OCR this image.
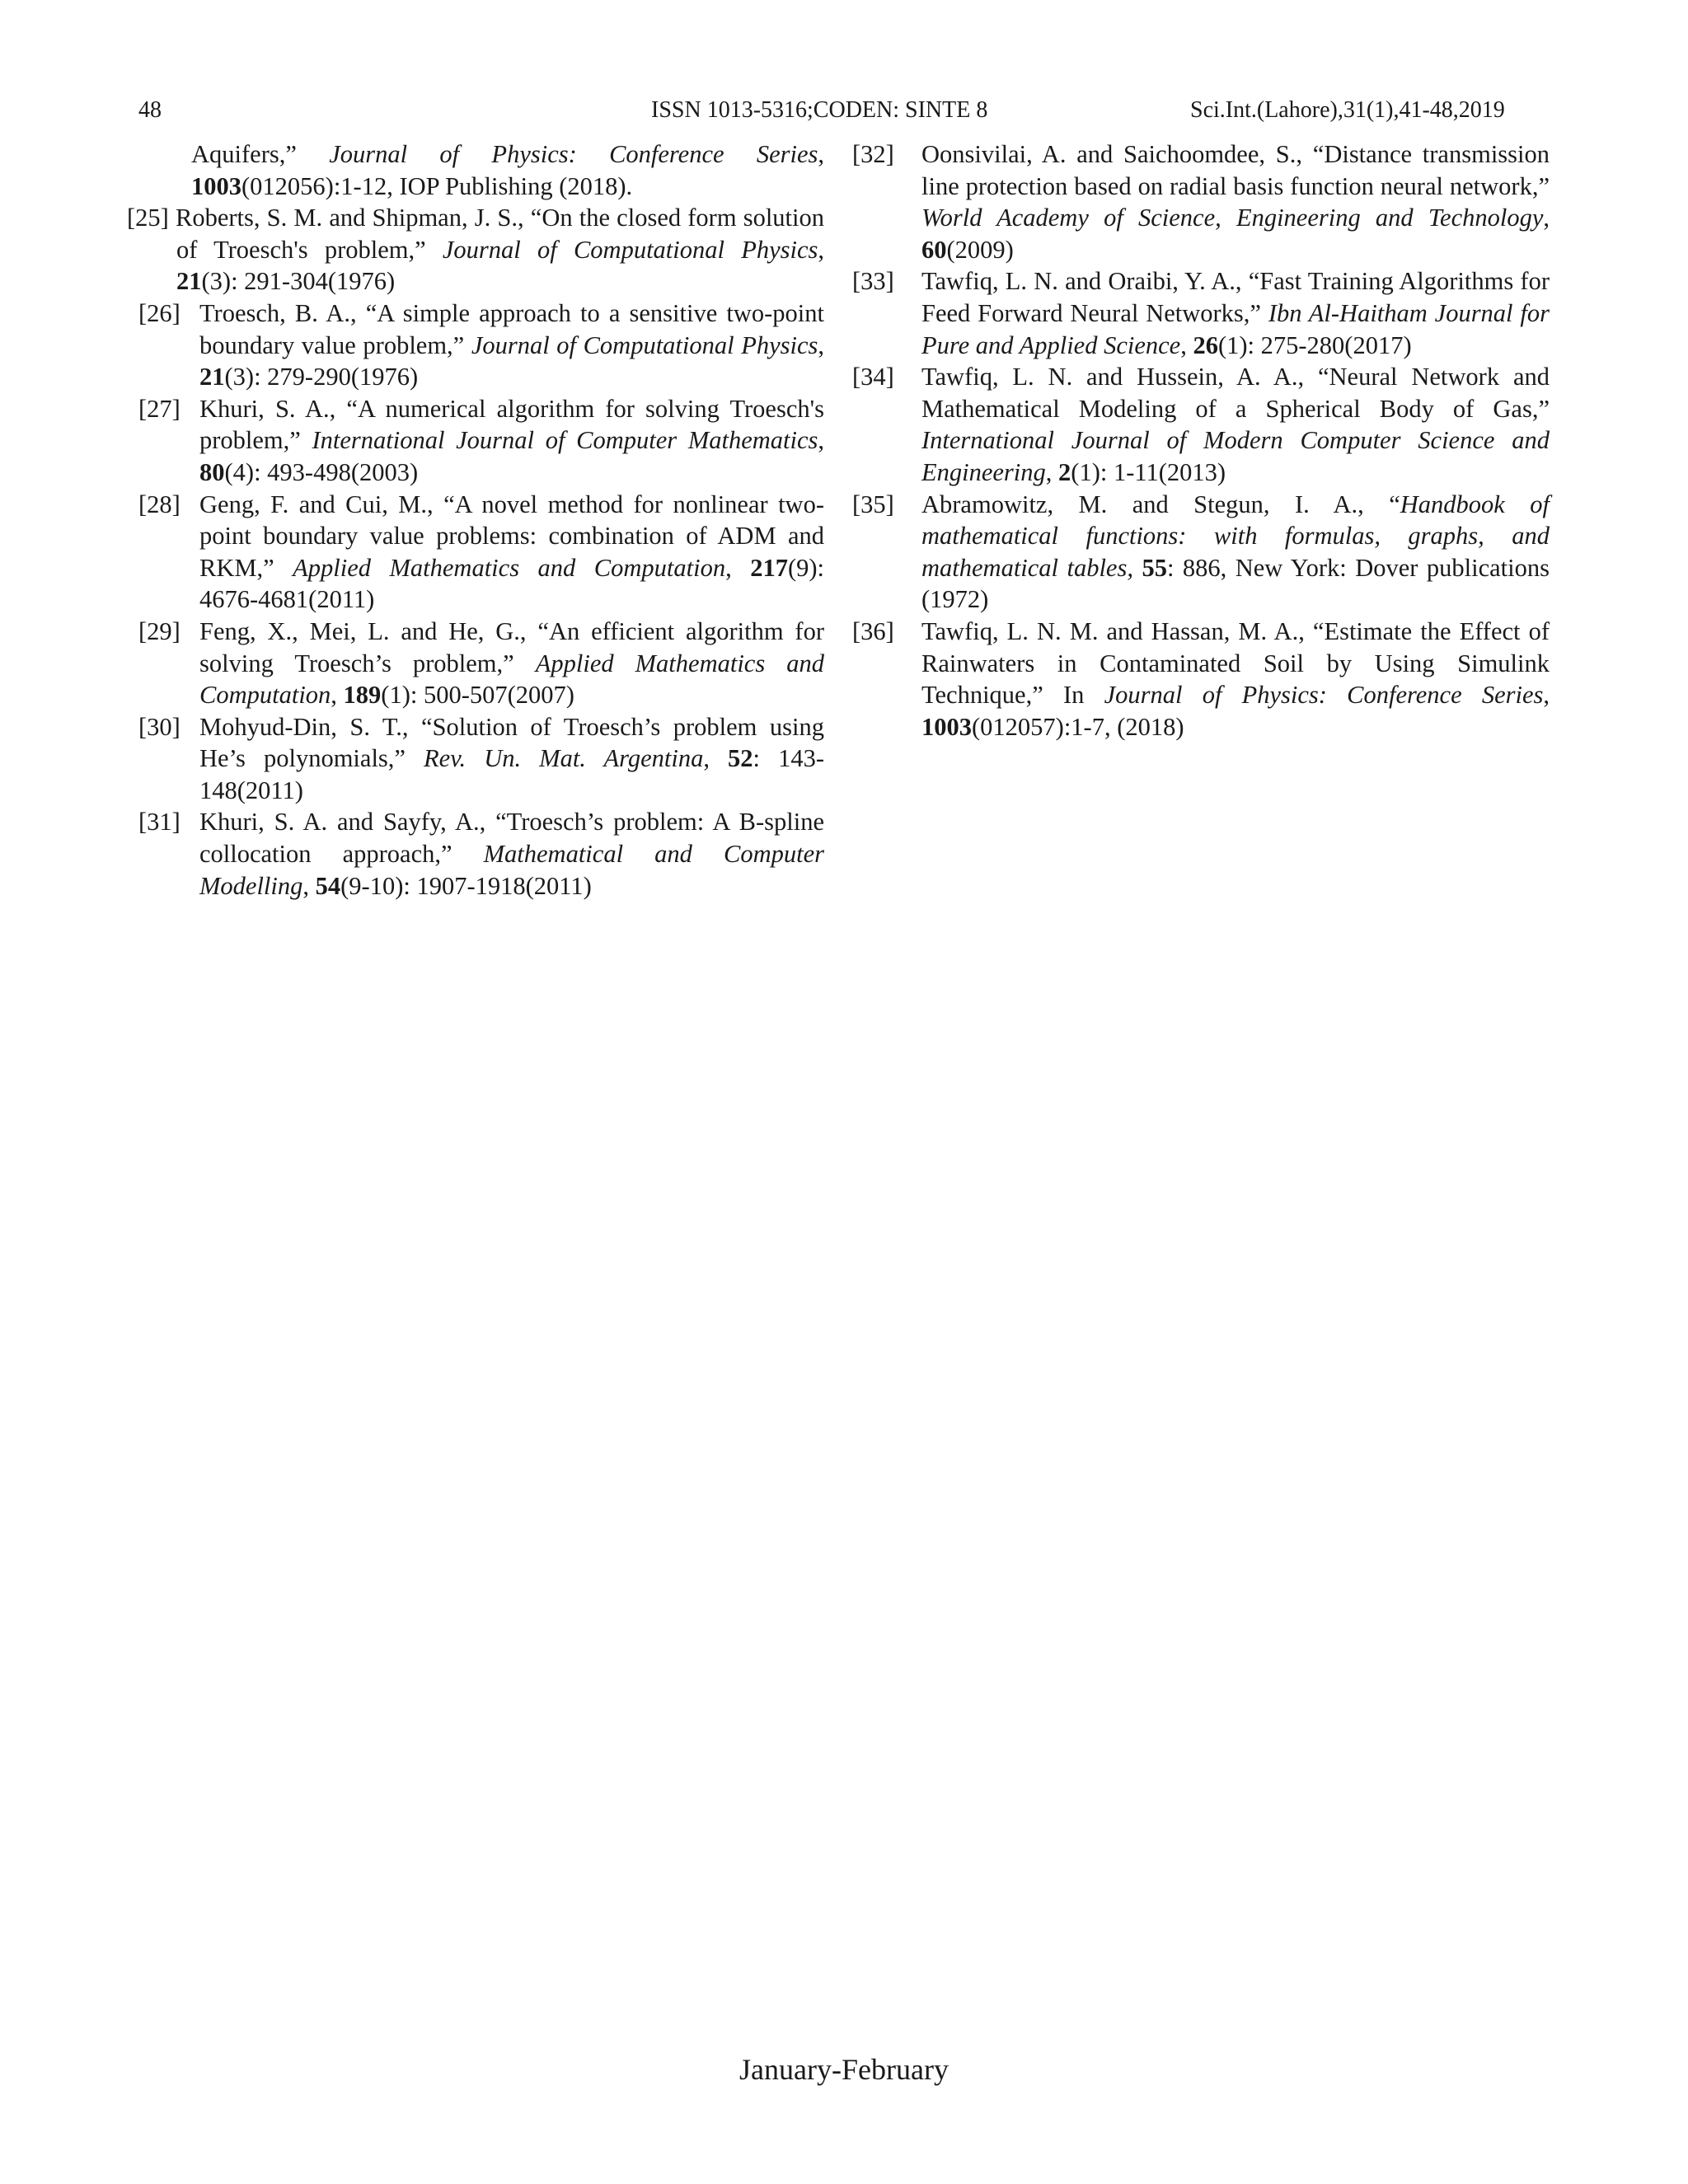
48	ISSN 1013-5316;CODEN: SINTE 8	Sci.Int.(Lahore),31(1),41-48,2019

Aquifers,” Journal of Physics: Conference Series, 1003(012056):1-12, IOP Publishing (2018).

[25] Roberts, S. M. and Shipman, J. S., “On the closed form solution of Troesch's problem,” Journal of Computational Physics, 21(3): 291-304(1976)

[26] Troesch, B. A., “A simple approach to a sensitive two-point boundary value problem,” Journal of Computational Physics, 21(3): 279-290(1976)

[27] Khuri, S. A., “A numerical algorithm for solving Troesch's problem,” International Journal of Computer Mathematics, 80(4): 493-498(2003)

[28] Geng, F. and Cui, M., “A novel method for nonlinear two-point boundary value problems: combination of ADM and RKM,” Applied Mathematics and Computation, 217(9): 4676-4681(2011)

[29] Feng, X., Mei, L. and He, G., “An efficient algorithm for solving Troesch’s problem,” Applied Mathematics and Computation, 189(1): 500-507(2007)

[30] Mohyud-Din, S. T., “Solution of Troesch’s problem using He’s polynomials,” Rev. Un. Mat. Argentina, 52: 143-148(2011)

[31] Khuri, S. A. and Sayfy, A., “Troesch’s problem: A B-spline collocation approach,” Mathematical and Computer Modelling, 54(9-10): 1907-1918(2011)

[32] Oonsivilai, A. and Saichoomdee, S., “Distance transmission line protection based on radial basis function neural network,” World Academy of Science, Engineering and Technology, 60(2009)

[33] Tawfiq, L. N. and Oraibi, Y. A., “Fast Training Algorithms for Feed Forward Neural Networks,” Ibn Al-Haitham Journal for Pure and Applied Science, 26(1): 275-280(2017)

[34] Tawfiq, L. N. and Hussein, A. A., “Neural Network and Mathematical Modeling of a Spherical Body of Gas,” International Journal of Modern Computer Science and Engineering, 2(1): 1-11(2013)

[35] Abramowitz, M. and Stegun, I. A., “Handbook of mathematical functions: with formulas, graphs, and mathematical tables, 55: 886, New York: Dover publications (1972)

[36] Tawfiq, L. N. M. and Hassan, M. A., “Estimate the Effect of Rainwaters in Contaminated Soil by Using Simulink Technique,” In Journal of Physics: Conference Series, 1003(012057):1-7, (2018)

January-February
